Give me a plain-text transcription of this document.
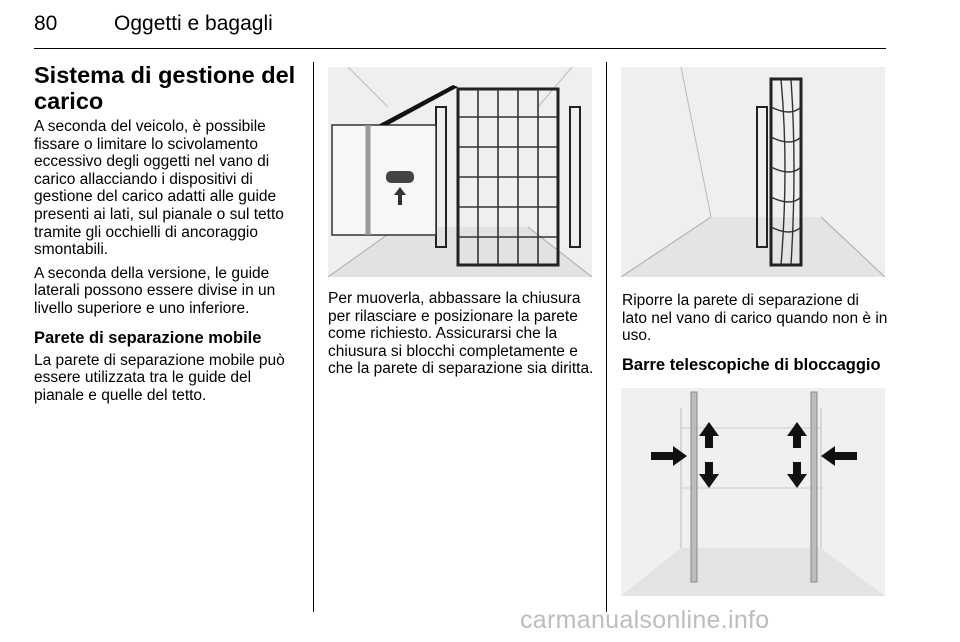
80	Oggetti e bagagli
Sistema di gestione del carico
A seconda del veicolo, è possibile fissare o limitare lo scivolamento eccessivo degli oggetti nel vano di carico allacciando i dispositivi di gestione del carico adatti alle guide presenti ai lati, sul pianale o sul tetto tramite gli occhielli di ancoraggio smontabili.
A seconda della versione, le guide laterali possono essere divise in un livello superiore e uno inferiore.
Parete di separazione mobile
La parete di separazione mobile può essere utilizzata tra le guide del pianale e quelle del tetto.
Per muoverla, abbassare la chiusura per rilasciare e posizionare la parete come richiesto. Assicurarsi che la chiusura si blocchi completamente e che la parete di separazione sia diritta.
Riporre la parete di separazione di lato nel vano di carico quando non è in uso.
Barre telescopiche di bloccaggio
carmanualsonline.info
